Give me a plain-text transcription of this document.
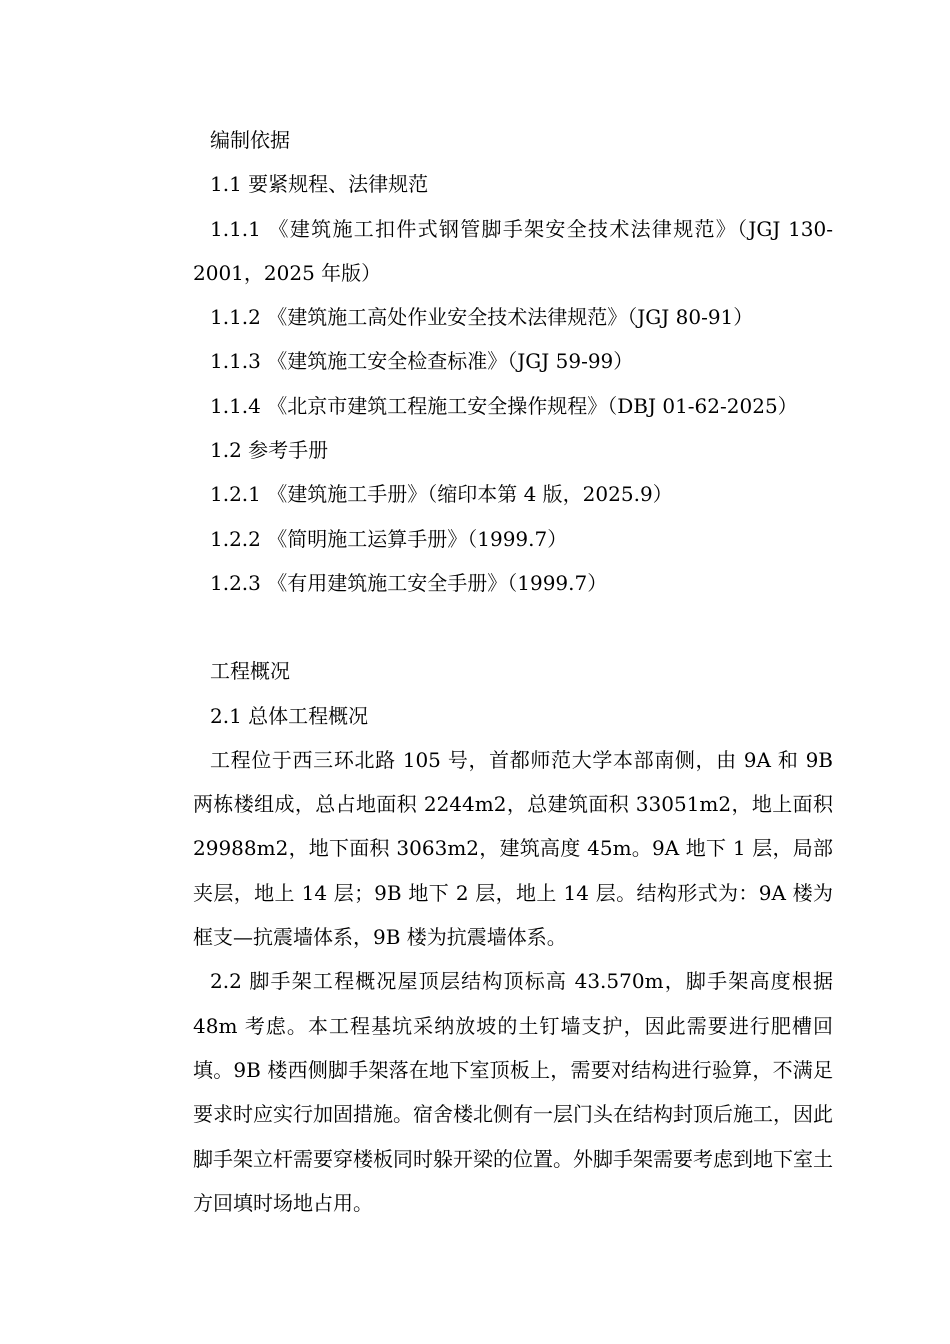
编制依据

1.1 要紧规程、法律规范

1.1.1 《建筑施工扣件式钢管脚手架安全技术法律规范》（JGJ 130-2001，2025 年版）

1.1.2 《建筑施工高处作业安全技术法律规范》（JGJ 80-91）

1.1.3 《建筑施工安全检查标准》（JGJ 59-99）

1.1.4 《北京市建筑工程施工安全操作规程》（DBJ 01-62-2025）

1.2 参考手册

1.2.1 《建筑施工手册》（缩印本第 4 版，2025.9）

1.2.2 《简明施工运算手册》（1999.7）

1.2.3 《有用建筑施工安全手册》（1999.7）

工程概况

2.1 总体工程概况

工程位于西三环北路 105 号，首都师范大学本部南侧，由 9A 和 9B 两栋楼组成，总占地面积 2244m2，总建筑面积 33051m2，地上面积 29988m2，地下面积 3063m2，建筑高度 45m。9A 地下 1 层，局部夹层，地上 14 层；9B 地下 2 层，地上 14 层。结构形式为：9A 楼为框支—抗震墙体系，9B 楼为抗震墙体系。

2.2 脚手架工程概况屋顶层结构顶标高 43.570m，脚手架高度根据 48m 考虑。本工程基坑采纳放坡的土钉墙支护，因此需要进行肥槽回填。9B 楼西侧脚手架落在地下室顶板上，需要对结构进行验算，不满足要求时应实行加固措施。宿舍楼北侧有一层门头在结构封顶后施工，因此脚手架立杆需要穿楼板同时躲开梁的位置。外脚手架需要考虑到地下室土方回填时场地占用。
